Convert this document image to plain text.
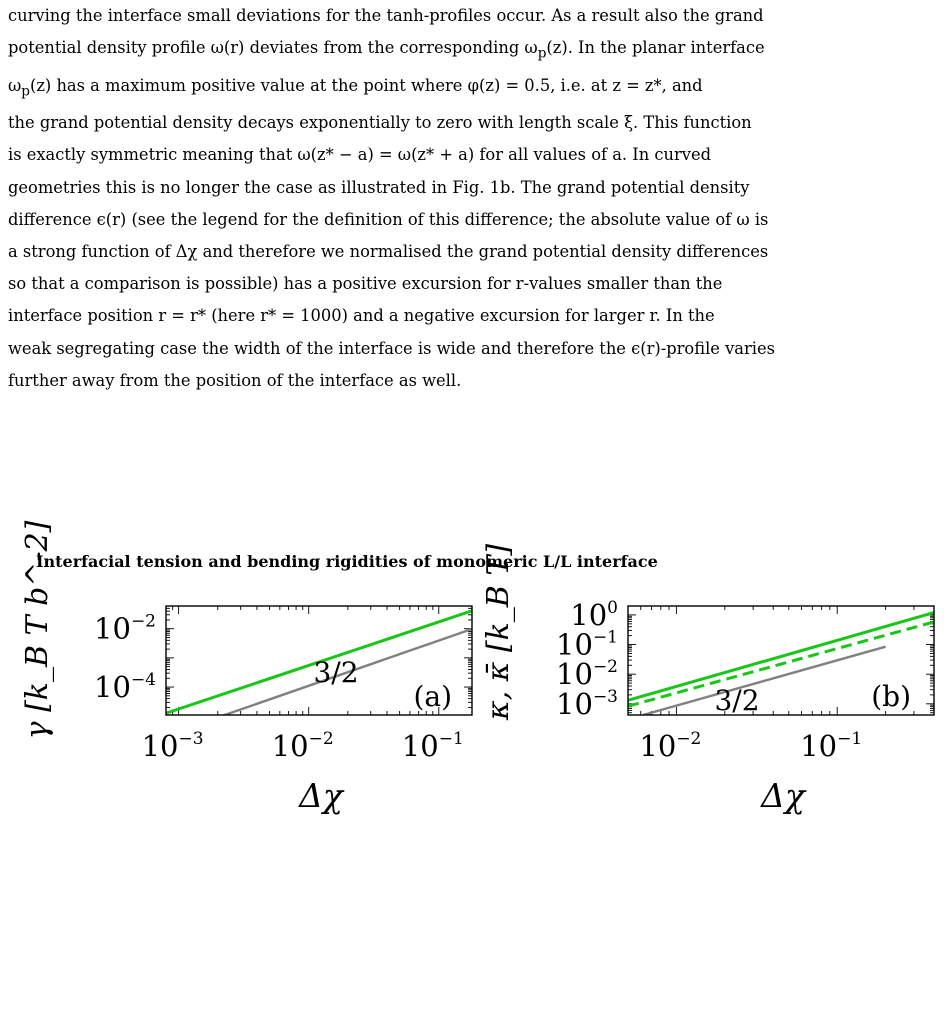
curving the interface small deviations for the tanh-profiles occur. As a result also the grand
potential density profile ω(r) deviates from the corresponding $\omega_p(z)$. In the planar interface
$\omega_p(z)$ has a maximum positive value at the point where φ(z) = 0.5, i.e. at z = z*, and
the grand potential density decays exponentially to zero with length scale ξ. This function
is exactly symmetric meaning that ω(z* − a) = ω(z* + a) for all values of a. In curved
geometries this is no longer the case as illustrated in Fig. 1b. The grand potential density
difference ϵ(r) (see the legend for the definition of this difference; the absolute value of ω is
a strong function of Δχ and therefore we normalised the grand potential density differences
so that a comparison is possible) has a positive excursion for r-values smaller than the
interface position r = r* (here r* = 1000) and a negative excursion for larger r. In the
weak segregating case the width of the interface is wide and therefore the ϵ(r)-profile varies
further away from the position of the interface as well.

Interfacial tension and bending rigidities of monomeric L/L interface

$10^{-3}$ $10^{-2}$ $10^{-1}$
$10^{-4}$
$10^{-2}$
(a)
3/2
Δχ
γ [k_B T b^-2]
$10^{-2}$	$10^{-1}$
$10^{-3}$
$10^{-2}$
$10^{-1}$
$10^0$
(b)
3/2
Δχ
κ, κ̄ [k_B T]
